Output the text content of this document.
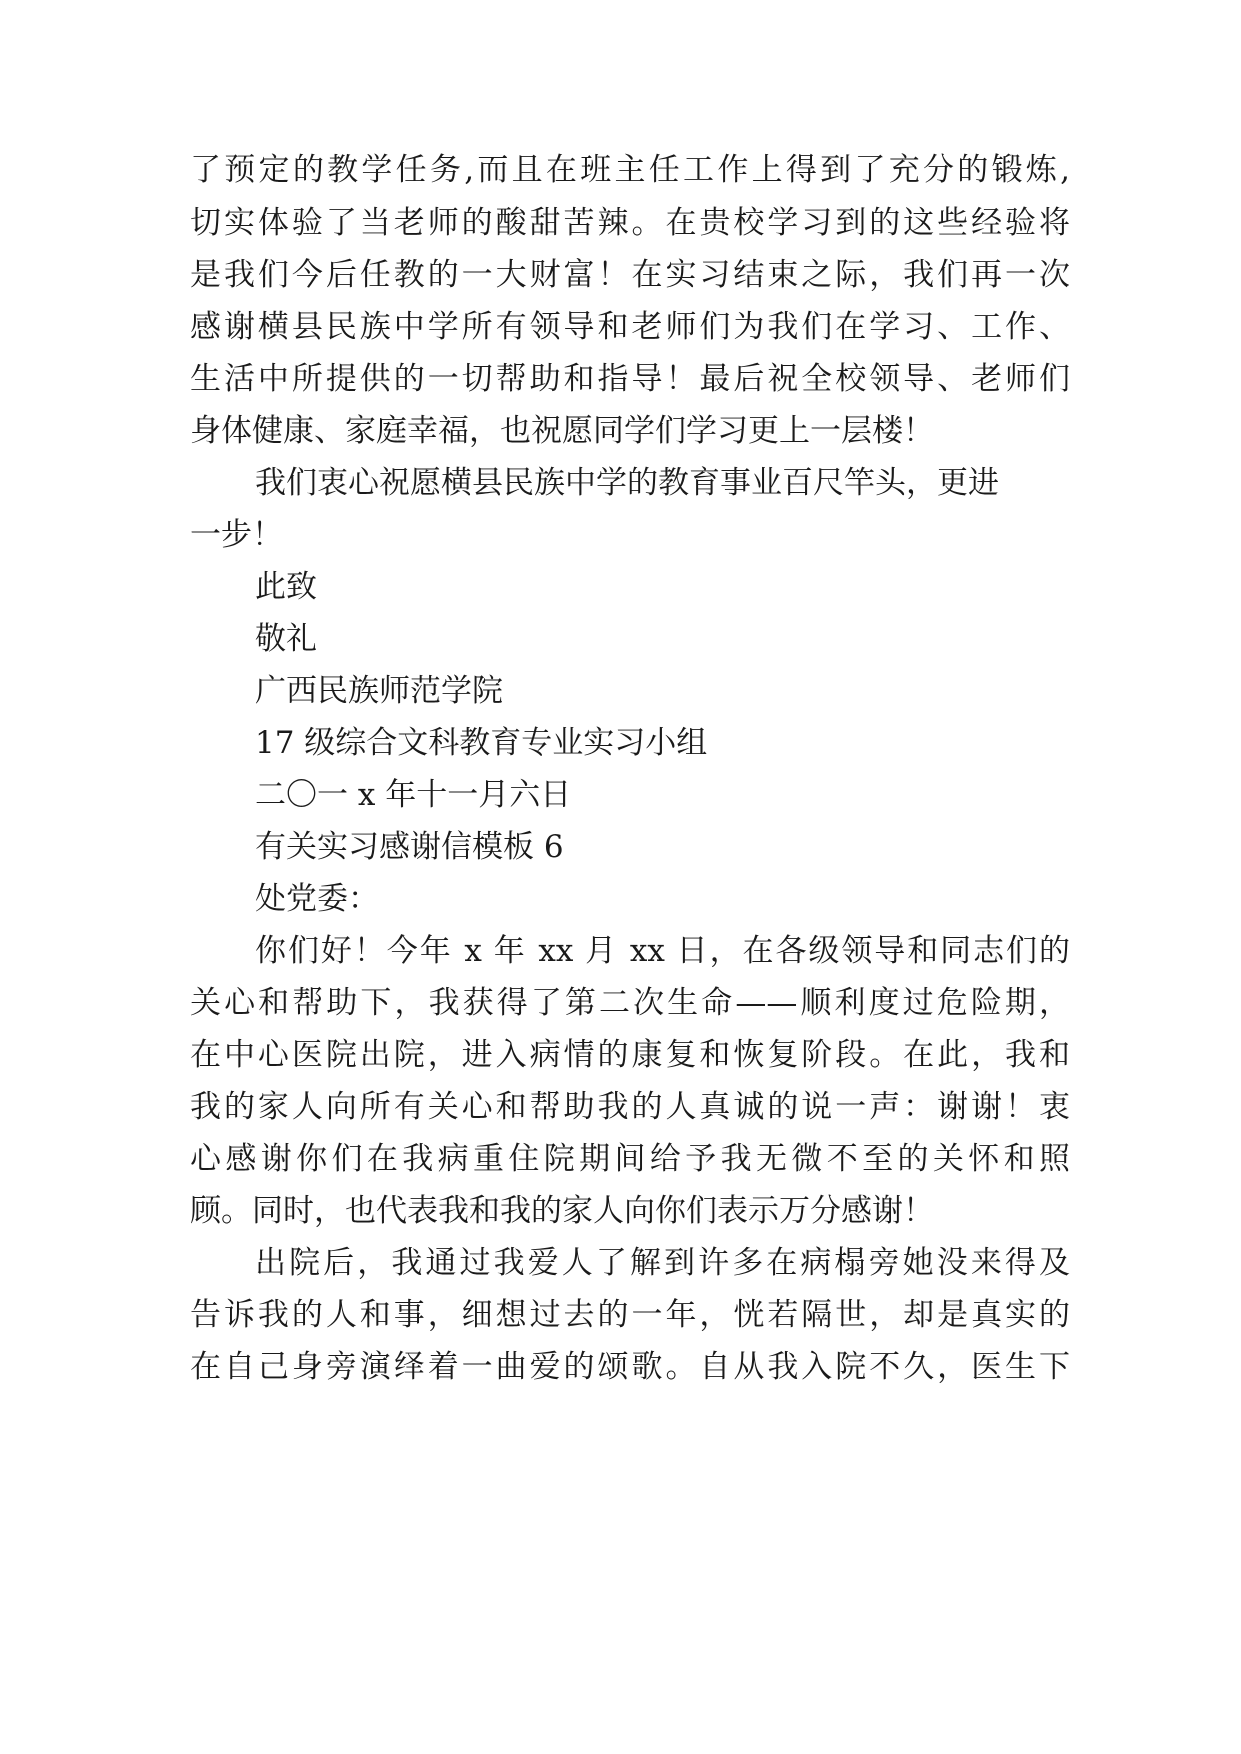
了预定的教学任务,而且在班主任工作上得到了充分的锻炼,
切实体验了当老师的酸甜苦辣。在贵校学习到的这些经验将
是我们今后任教的一大财富！在实习结束之际，我们再一次
感谢横县民族中学所有领导和老师们为我们在学习、工作、
生活中所提供的一切帮助和指导！最后祝全校领导、老师们
身体健康、家庭幸福，也祝愿同学们学习更上一层楼！
我们衷心祝愿横县民族中学的教育事业百尺竿头，更进
一步！
此致
敬礼
广西民族师范学院
17 级综合文科教育专业实习小组
二〇一 x 年十一月六日
有关实习感谢信模板 6
处党委：
你们好！今年 x 年 xx 月 xx 日，在各级领导和同志们的
关心和帮助下，我获得了第二次生命——顺利度过危险期，
在中心医院出院，进入病情的康复和恢复阶段。在此，我和
我的家人向所有关心和帮助我的人真诚的说一声：谢谢！衷
心感谢你们在我病重住院期间给予我无微不至的关怀和照
顾。同时，也代表我和我的家人向你们表示万分感谢！
出院后，我通过我爱人了解到许多在病榻旁她没来得及
告诉我的人和事，细想过去的一年，恍若隔世，却是真实的
在自己身旁演绎着一曲爱的颂歌。自从我入院不久，医生下
